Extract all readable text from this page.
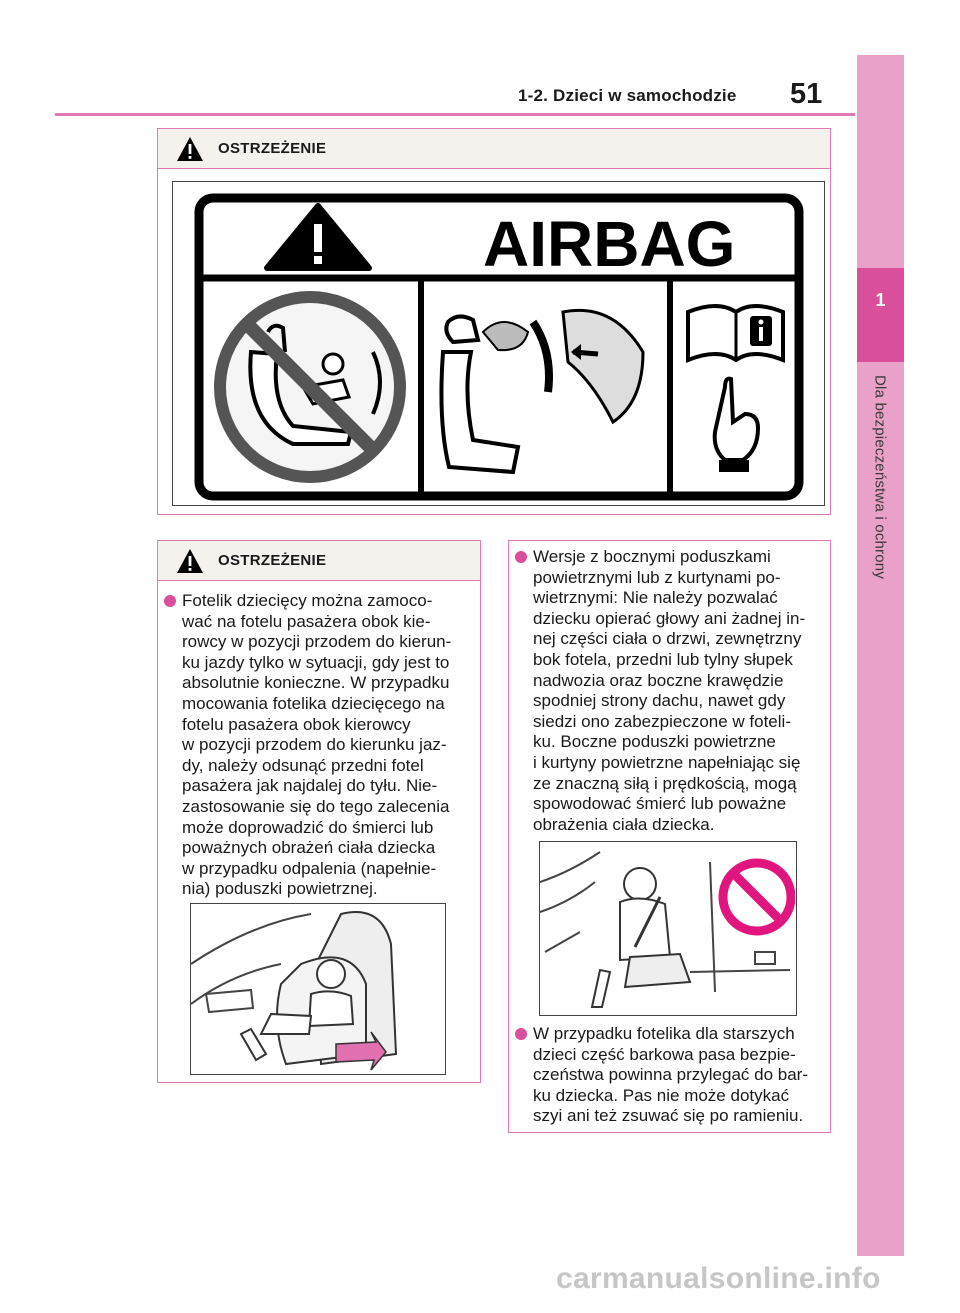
1-2. Dzieci w samochodzie 51
1
Dla bezpieczeństwa i ochrony
OSTRZEŻENIE
AIRBAG
OSTRZEŻENIE

Fotelik dziecięcy można zamoco-
wać na fotelu pasażera obok kie-
rowcy w pozycji przodem do kierun-
ku jazdy tylko w sytuacji, gdy jest to
absolutnie konieczne. W przypadku
mocowania fotelika dziecięcego na
fotelu pasażera obok kierowcy
w pozycji przodem do kierunku jaz-
dy, należy odsunąć przedni fotel
pasażera jak najdalej do tyłu. Nie-
zastosowanie się do tego zalecenia
może doprowadzić do śmierci lub
poważnych obrażeń ciała dziecka
w przypadku odpalenia (napełnie-
nia) poduszki powietrznej.

Wersje z bocznymi poduszkami
powietrznymi lub z kurtynami po-
wietrznymi: Nie należy pozwalać
dziecku opierać głowy ani żadnej in-
nej części ciała o drzwi, zewnętrzny
bok fotela, przedni lub tylny słupek
nadwozia oraz boczne krawędzie
spodniej strony dachu, nawet gdy
siedzi ono zabezpieczone w foteli-
ku. Boczne poduszki powietrzne
i kurtyny powietrzne napełniając się
ze znaczną siłą i prędkością, mogą
spowodować śmierć lub poważne
obrażenia ciała dziecka.

W przypadku fotelika dla starszych
dzieci część barkowa pasa bezpie-
czeństwa powinna przylegać do bar-
ku dziecka. Pas nie może dotykać
szyi ani też zsuwać się po ramieniu.

carmanualsonline.info
